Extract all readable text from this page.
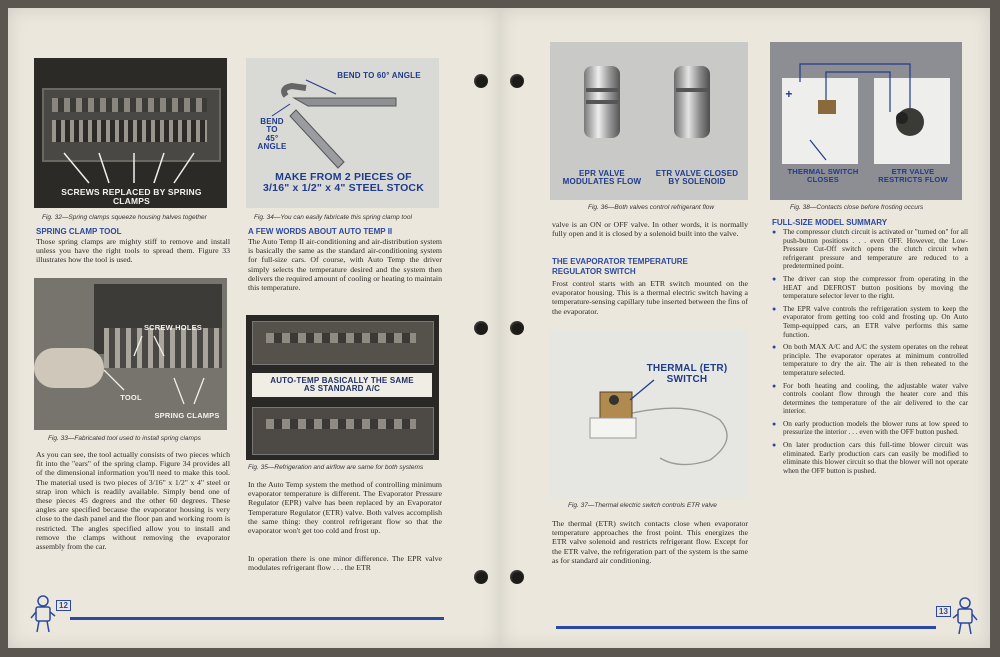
SCREWS REPLACED BY SPRING CLAMPS
Fig. 32—Spring clamps squeeze housing halves together
BEND TO 60° ANGLE
BEND
TO
45° ANGLE
MAKE FROM 2 PIECES OF
3/16" x 1/2" x 4" STEEL STOCK
Fig. 34—You can easily fabricate this spring clamp tool
SPRING CLAMP TOOL
Those spring clamps are mighty stiff to remove and install unless you have the right tools to spread them. Figure 33 illustrates how the tool is used.
SCREW HOLES
TOOL
SPRING CLAMPS
Fig. 33—Fabricated tool used to install spring clamps
As you can see, the tool actually consists of two pieces which fit into the "ears" of the spring clamp. Figure 34 provides all of the dimensional information you'll need to make this tool. The material used is two pieces of 3/16" x 1/2" x 4" steel or strap iron which is readily available. Simply bend one of these pieces 45 degrees and the other 60 degrees. These angles are specified because the evaporator housing is very close to the dash panel and the floor pan and working room is restricted. The angles specified allow you to install and remove the clamps without removing the evaporator assembly from the car.
A FEW WORDS ABOUT AUTO TEMP II
The Auto Temp II air-conditioning and air-distribution system is basically the same as the standard air-conditioning system for full-size cars. Of course, with Auto Temp the driver simply selects the temperature desired and the system then delivers the required amount of cooling or heating to maintain this temperature.
AUTO-TEMP BASICALLY THE SAME
AS STANDARD A/C
Fig. 35—Refrigeration and airflow are same for both systems
In the Auto Temp system the method of controlling minimum evaporator temperature is different. The Evaporator Pressure Regulator (EPR) valve has been replaced by an Evaporator Temperature Regulator (ETR) valve. Both valves accomplish the same thing: they control refrigerant flow so that the evaporator won't get too cold and frost up.
In operation there is one minor difference. The EPR valve modulates refrigerant flow . . . the ETR
12
EPR VALVE
MODULATES FLOW
ETR VALVE CLOSED
BY SOLENOID
Fig. 36—Both valves control refrigerant flow
+
THERMAL SWITCH
CLOSES
ETR VALVE
RESTRICTS FLOW
Fig. 38—Contacts close before frosting occurs
valve is an ON or OFF valve. In other words, it is normally fully open and it is closed by a solenoid built into the valve.
THE EVAPORATOR TEMPERATURE
REGULATOR SWITCH
Frost control starts with an ETR switch mounted on the evaporator housing. This is a thermal electric switch having a temperature-sensing capillary tube inserted between the fins of the evaporator.
THERMAL (ETR)
SWITCH
Fig. 37—Thermal electric switch controls ETR valve
The thermal (ETR) switch contacts close when evaporator temperature approaches the frost point. This energizes the ETR valve solenoid and restricts refrigerant flow. Except for the ETR valve, the refrigeration part of the system is the same as for standard air conditioning.
FULL-SIZE MODEL SUMMARY
● The compressor clutch circuit is activated or "turned on" for all push-button positions . . . even OFF. However, the Low-Pressure Cut-Off switch opens the clutch circuit when refrigerant pressure and temperature are reduced to a predetermined point.
● The driver can stop the compressor from operating in the HEAT and DEFROST button positions by moving the temperature selector lever to the right.
● The EPR valve controls the refrigeration system to keep the evaporator from getting too cold and frosting up. On Auto Temp-equipped cars, an ETR valve performs this same function.
● On both MAX A/C and A/C the system operates on the reheat principle. The evaporator operates at minimum controlled temperature to dry the air. The air is then reheated to the temperature selected.
● For both heating and cooling, the adjustable water valve controls coolant flow through the heater core and this determines the temperature of the air delivered to the car interior.
● On early production models the blower runs at low speed to pressurize the interior . . . even with the OFF button pushed.
● On later production cars this full-time blower circuit was eliminated. Early production cars can easily be modified to eliminate this blower circuit so that the blower will not operate when the OFF button is pushed.
13
